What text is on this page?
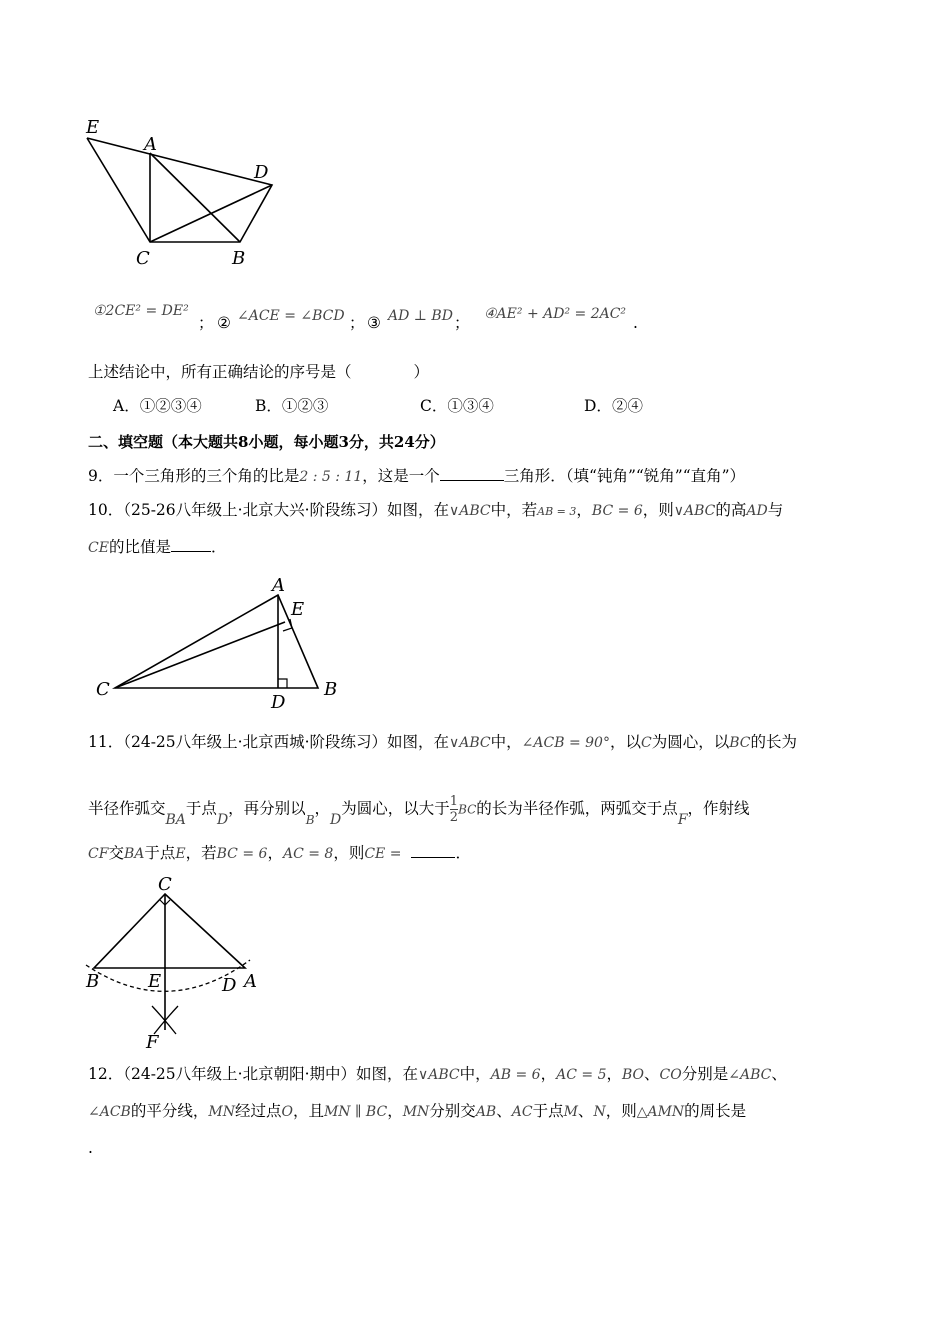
E
A
D
C	B
①2CE² = DE²
； ② ∠ACE = ∠BCD ； ③ AD ⊥ BD ； ④AE² + AD² = 2AC² .
上述结论中，所有正确结论的序号是（　　　　）
A．①②③④	B．①②③	C．①③④	D．②④
二、填空题（本大题共8小题，每小题3分，共24分）
9．一个三角形的三个角的比是2 : 5 : 11，这是一个	三角形．（填“钝角”“锐角”“直角”）
10．（25-26八年级上·北京大兴·阶段练习）如图，在∨ABC中，若AB = 3，BC = 6，则∨ABC的高AD与
CE的比值是	．
A
E
C
D
B
11．（24-25八年级上·北京西城·阶段练习）如图，在∨ABC中，∠ACB = 90°，以C为圆心，以BC的长为
半径作弧交BA于点D，再分别以$_B$，D为圆心，以大于 $\frac{1}{2}$ BC的长为半径作弧，两弧交于点F，作射线
CF交BA于点E，若BC = 6，AC = 8，则CE =	．
C
B	E	D A
F
12．（24-25八年级上·北京朝阳·期中）如图，在∨ABC中，AB = 6，AC = 5，BO、CO分别是∠ABC、
∠ACB的平分线，MN经过点O，且MN ∥ BC，MN分别交AB、AC于点M、N，则△AMN的周长是
.
